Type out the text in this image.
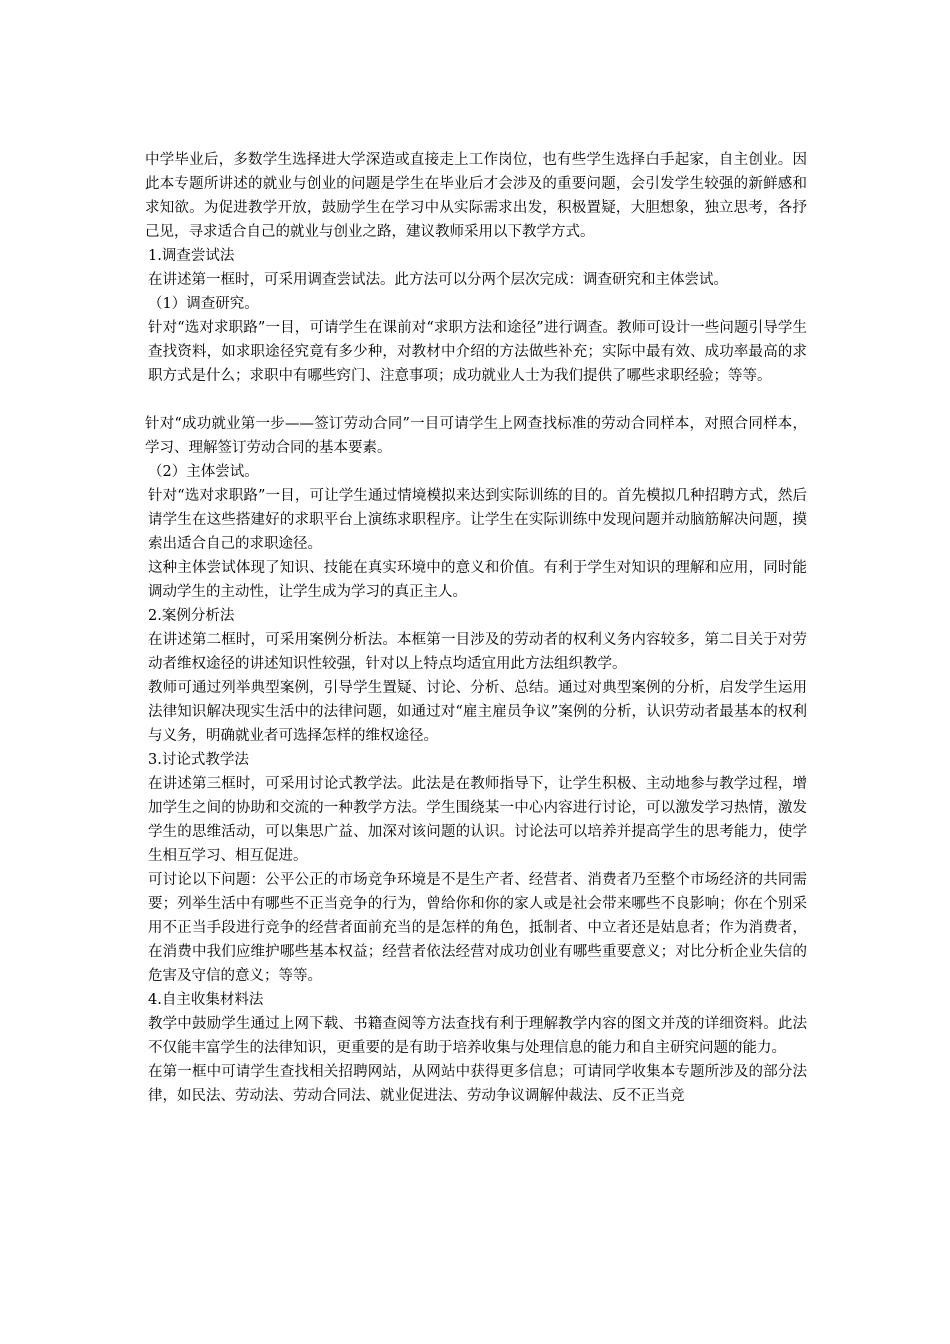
中学毕业后，多数学生选择进大学深造或直接走上工作岗位，也有些学生选择白手起家，自主创业。因此本专题所讲述的就业与创业的问题是学生在毕业后才会涉及的重要问题，会引发学生较强的新鲜感和求知欲。为促进教学开放，鼓励学生在学习中从实际需求出发，积极置疑，大胆想象，独立思考，各抒己见，寻求适合自己的就业与创业之路，建议教师采用以下教学方式。

1.调查尝试法

在讲述第一框时，可采用调查尝试法。此方法可以分两个层次完成：调查研究和主体尝试。

（1）调查研究。

针对“选对求职路”一目，可请学生在课前对“求职方法和途径”进行调查。教师可设计一些问题引导学生查找资料，如求职途径究竟有多少种，对教材中介绍的方法做些补充；实际中最有效、成功率最高的求职方式是什么；求职中有哪些窍门、注意事项；成功就业人士为我们提供了哪些求职经验；等等。

针对“成功就业第一步——签订劳动合同”一目可请学生上网查找标准的劳动合同样本，对照合同样本，学习、理解签订劳动合同的基本要素。

（2）主体尝试。

针对“选对求职路”一目，可让学生通过情境模拟来达到实际训练的目的。首先模拟几种招聘方式，然后请学生在这些搭建好的求职平台上演练求职程序。让学生在实际训练中发现问题并动脑筋解决问题，摸索出适合自己的求职途径。

这种主体尝试体现了知识、技能在真实环境中的意义和价值。有利于学生对知识的理解和应用，同时能调动学生的主动性，让学生成为学习的真正主人。

2.案例分析法

在讲述第二框时，可采用案例分析法。本框第一目涉及的劳动者的权利义务内容较多，第二目关于对劳动者维权途径的讲述知识性较强，针对以上特点均适宜用此方法组织教学。

教师可通过列举典型案例，引导学生置疑、讨论、分析、总结。通过对典型案例的分析，启发学生运用法律知识解决现实生活中的法律问题，如通过对“雇主雇员争议”案例的分析，认识劳动者最基本的权利与义务，明确就业者可选择怎样的维权途径。

3.讨论式教学法

在讲述第三框时，可采用讨论式教学法。此法是在教师指导下，让学生积极、主动地参与教学过程，增加学生之间的协助和交流的一种教学方法。学生围绕某一中心内容进行讨论，可以激发学习热情，激发学生的思维活动，可以集思广益、加深对该问题的认识。讨论法可以培养并提高学生的思考能力，使学生相互学习、相互促进。

可讨论以下问题：公平公正的市场竞争环境是不是生产者、经营者、消费者乃至整个市场经济的共同需要；列举生活中有哪些不正当竞争的行为，曾给你和你的家人或是社会带来哪些不良影响；你在个别采用不正当手段进行竞争的经营者面前充当的是怎样的角色，抵制者、中立者还是姑息者；作为消费者，在消费中我们应维护哪些基本权益；经营者依法经营对成功创业有哪些重要意义；对比分析企业失信的危害及守信的意义；等等。

4.自主收集材料法

教学中鼓励学生通过上网下载、书籍查阅等方法查找有利于理解教学内容的图文并茂的详细资料。此法不仅能丰富学生的法律知识，更重要的是有助于培养收集与处理信息的能力和自主研究问题的能力。

在第一框中可请学生查找相关招聘网站，从网站中获得更多信息；可请同学收集本专题所涉及的部分法律，如民法、劳动法、劳动合同法、就业促进法、劳动争议调解仲裁法、反不正当竞
